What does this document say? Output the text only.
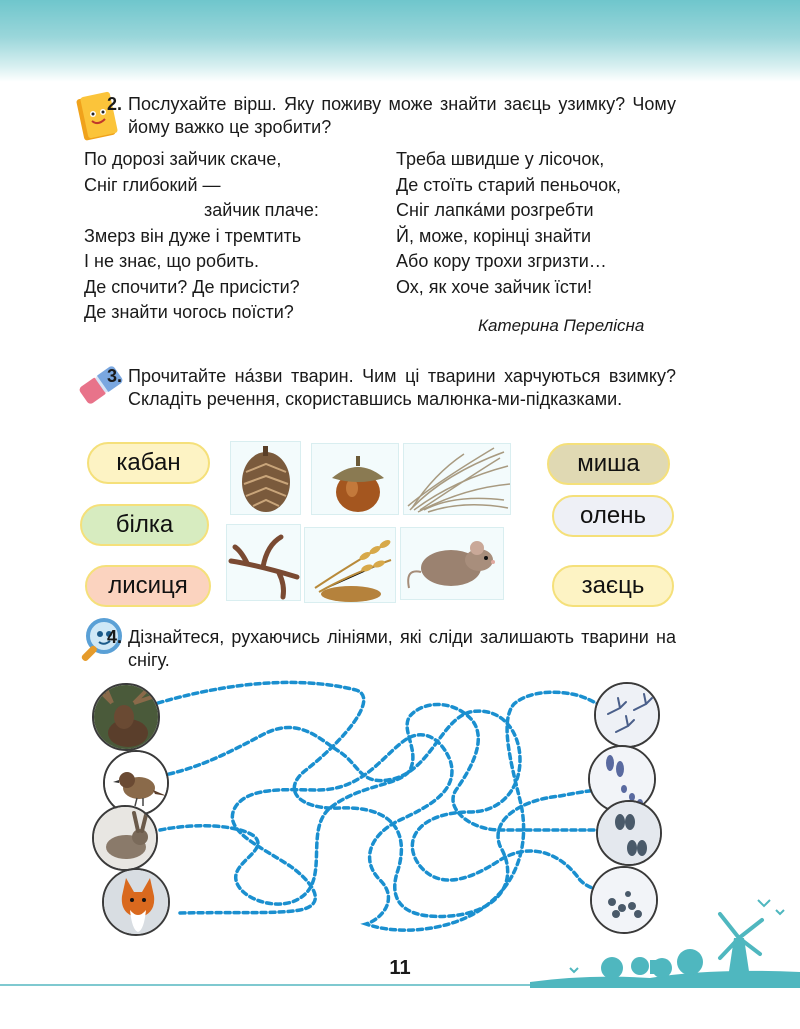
2. Послухайте вірш. Яку поживу може знайти заєць узимку? Чому йому важко це зробити?
По дорозі зайчик скаче,
Сніг глибокий —
зайчик плаче:
Змерз він дуже і тремтить
І не знає, що робить.
Де спочити? Де присісти?
Де знайти чогось поїсти?
Треба швидше у лісочок,
Де стоїть старий пеньочок,
Сніг лапка́ми розгребти
Й, може, корінці знайти
Або кору трохи згризти…
Ох, як хоче зайчик їсти!
Катерина Перелісна
3. Прочитайте на́зви тварин. Чим ці тварини харчуються взимку? Складіть речення, скориставшись малюнка-ми-підказками.
кабан
білка
лисиця
миша
олень
заєць
4. Дізнайтеся, рухаючись лініями, які сліди залишають тварини на снігу.
11
